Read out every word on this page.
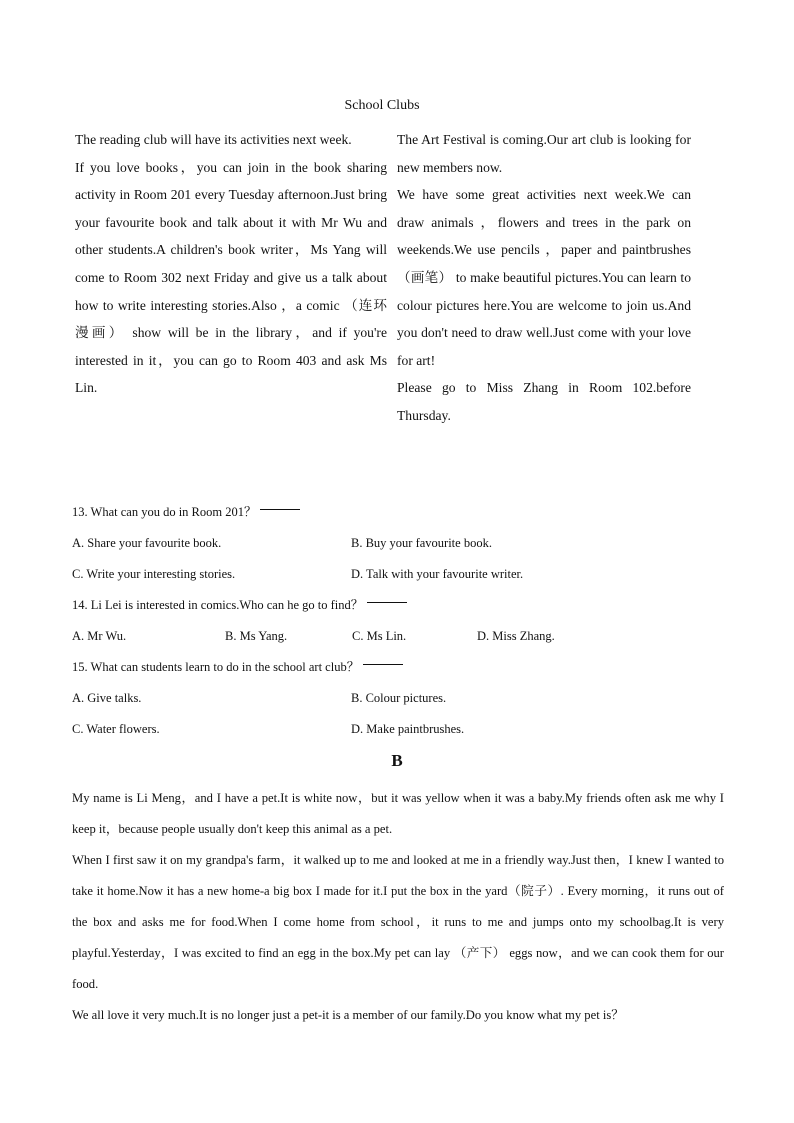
School Clubs

The reading club will have its activities next week.

If you love books，you can join in the book sharing activity in Room 201 every Tuesday afternoon.Just bring your favourite book and talk about it with Mr Wu and other students.A children's book writer，Ms Yang will come to Room 302 next Friday and give us a talk about how to write interesting stories.Also ，a comic （连环漫画） show will be in the library，and if you're interested in it，you can go to Room 403 and ask Ms Lin.

The Art Festival is coming.Our art club is looking for new members now.

We have some great activities next week.We can draw animals ，flowers and trees in the park on weekends.We use pencils ，paper and paintbrushes （画笔） to make beautiful pictures.You can learn to colour pictures here.You are welcome to join us.And you don't need to draw well.Just come with your love for art!

Please go to Miss Zhang in Room 102.before Thursday.

13. What can you do in Room 201？
A. Share your favourite book.	B. Buy your favourite book.
C. Write your interesting stories.	D. Talk with your favourite writer.
14. Li Lei is interested in comics.Who can he go to find？
A. Mr Wu.	B. Ms Yang.	C. Ms Lin.	D. Miss Zhang.
15. What can students learn to do in the school art club？
A. Give talks.	B. Colour pictures.
C. Water flowers.	D. Make paintbrushes.
B

My name is Li Meng，and I have a pet.It is white now，but it was yellow when it was a baby.My friends often ask me why I keep it，because people usually don't keep this animal as a pet.

When I first saw it on my grandpa's farm，it walked up to me and looked at me in a friendly way.Just then，I knew I wanted to take it home.Now it has a new home-a big box I made for it.I put the box in the yard（院子）. Every morning，it runs out of the box and asks me for food.When I come home from school，it runs to me and jumps onto my schoolbag.It is very playful.Yesterday，I was excited to find an egg in the box.My pet can lay （产下） eggs now，and we can cook them for our food.

We all love it very much.It is no longer just a pet-it is a member of our family.Do you know what my pet is？
